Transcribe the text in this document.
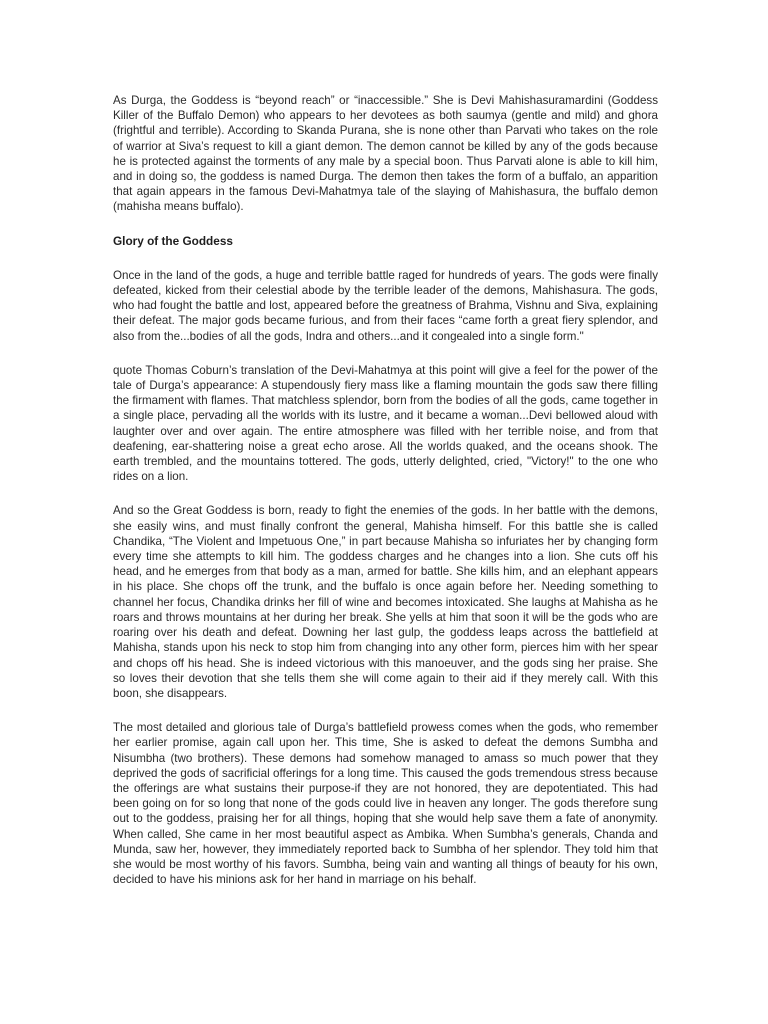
As Durga, the Goddess is “beyond reach” or “inaccessible.” She is Devi Mahishasuramardini (Goddess Killer of the Buffalo Demon) who appears to her devotees as both saumya (gentle and mild) and ghora (frightful and terrible). According to Skanda Purana, she is none other than Parvati who takes on the role of warrior at Siva’s request to kill a giant demon. The demon cannot be killed by any of the gods because he is protected against the torments of any male by a special boon. Thus Parvati alone is able to kill him, and in doing so, the goddess is named Durga. The demon then takes the form of a buffalo, an apparition that again appears in the famous Devi-Mahatmya tale of the slaying of Mahishasura, the buffalo demon (mahisha means buffalo).

Glory of the Goddess

Once in the land of the gods, a huge and terrible battle raged for hundreds of years. The gods were finally defeated, kicked from their celestial abode by the terrible leader of the demons, Mahishasura. The gods, who had fought the battle and lost, appeared before the greatness of Brahma, Vishnu and Siva, explaining their defeat. The major gods became furious, and from their faces “came forth a great fiery splendor, and also from the...bodies of all the gods, Indra and others...and it congealed into a single form."

quote Thomas Coburn’s translation of the Devi-Mahatmya at this point will give a feel for the power of the tale of Durga’s appearance: A stupendously fiery mass like a flaming mountain the gods saw there filling the firmament with flames. That matchless splendor, born from the bodies of all the gods, came together in a single place, pervading all the worlds with its lustre, and it became a woman...Devi bellowed aloud with laughter over and over again. The entire atmosphere was filled with her terrible noise, and from that deafening, ear-shattering noise a great echo arose. All the worlds quaked, and the oceans shook. The earth trembled, and the mountains tottered. The gods, utterly delighted, cried, "Victory!" to the one who rides on a lion.

And so the Great Goddess is born, ready to fight the enemies of the gods. In her battle with the demons, she easily wins, and must finally confront the general, Mahisha himself. For this battle she is called Chandika, “The Violent and Impetuous One,” in part because Mahisha so infuriates her by changing form every time she attempts to kill him. The goddess charges and he changes into a lion. She cuts off his head, and he emerges from that body as a man, armed for battle. She kills him, and an elephant appears in his place. She chops off the trunk, and the buffalo is once again before her. Needing something to channel her focus, Chandika drinks her fill of wine and becomes intoxicated. She laughs at Mahisha as he roars and throws mountains at her during her break. She yells at him that soon it will be the gods who are roaring over his death and defeat. Downing her last gulp, the goddess leaps across the battlefield at Mahisha, stands upon his neck to stop him from changing into any other form, pierces him with her spear and chops off his head. She is indeed victorious with this manoeuver, and the gods sing her praise. She so loves their devotion that she tells them she will come again to their aid if they merely call. With this boon, she disappears.

The most detailed and glorious tale of Durga’s battlefield prowess comes when the gods, who remember her earlier promise, again call upon her. This time, She is asked to defeat the demons Sumbha and Nisumbha (two brothers). These demons had somehow managed to amass so much power that they deprived the gods of sacrificial offerings for a long time. This caused the gods tremendous stress because the offerings are what sustains their purpose-if they are not honored, they are depotentiated. This had been going on for so long that none of the gods could live in heaven any longer. The gods therefore sung out to the goddess, praising her for all things, hoping that she would help save them a fate of anonymity. When called, She came in her most beautiful aspect as Ambika. When Sumbha’s generals, Chanda and Munda, saw her, however, they immediately reported back to Sumbha of her splendor. They told him that she would be most worthy of his favors. Sumbha, being vain and wanting all things of beauty for his own, decided to have his minions ask for her hand in marriage on his behalf.
